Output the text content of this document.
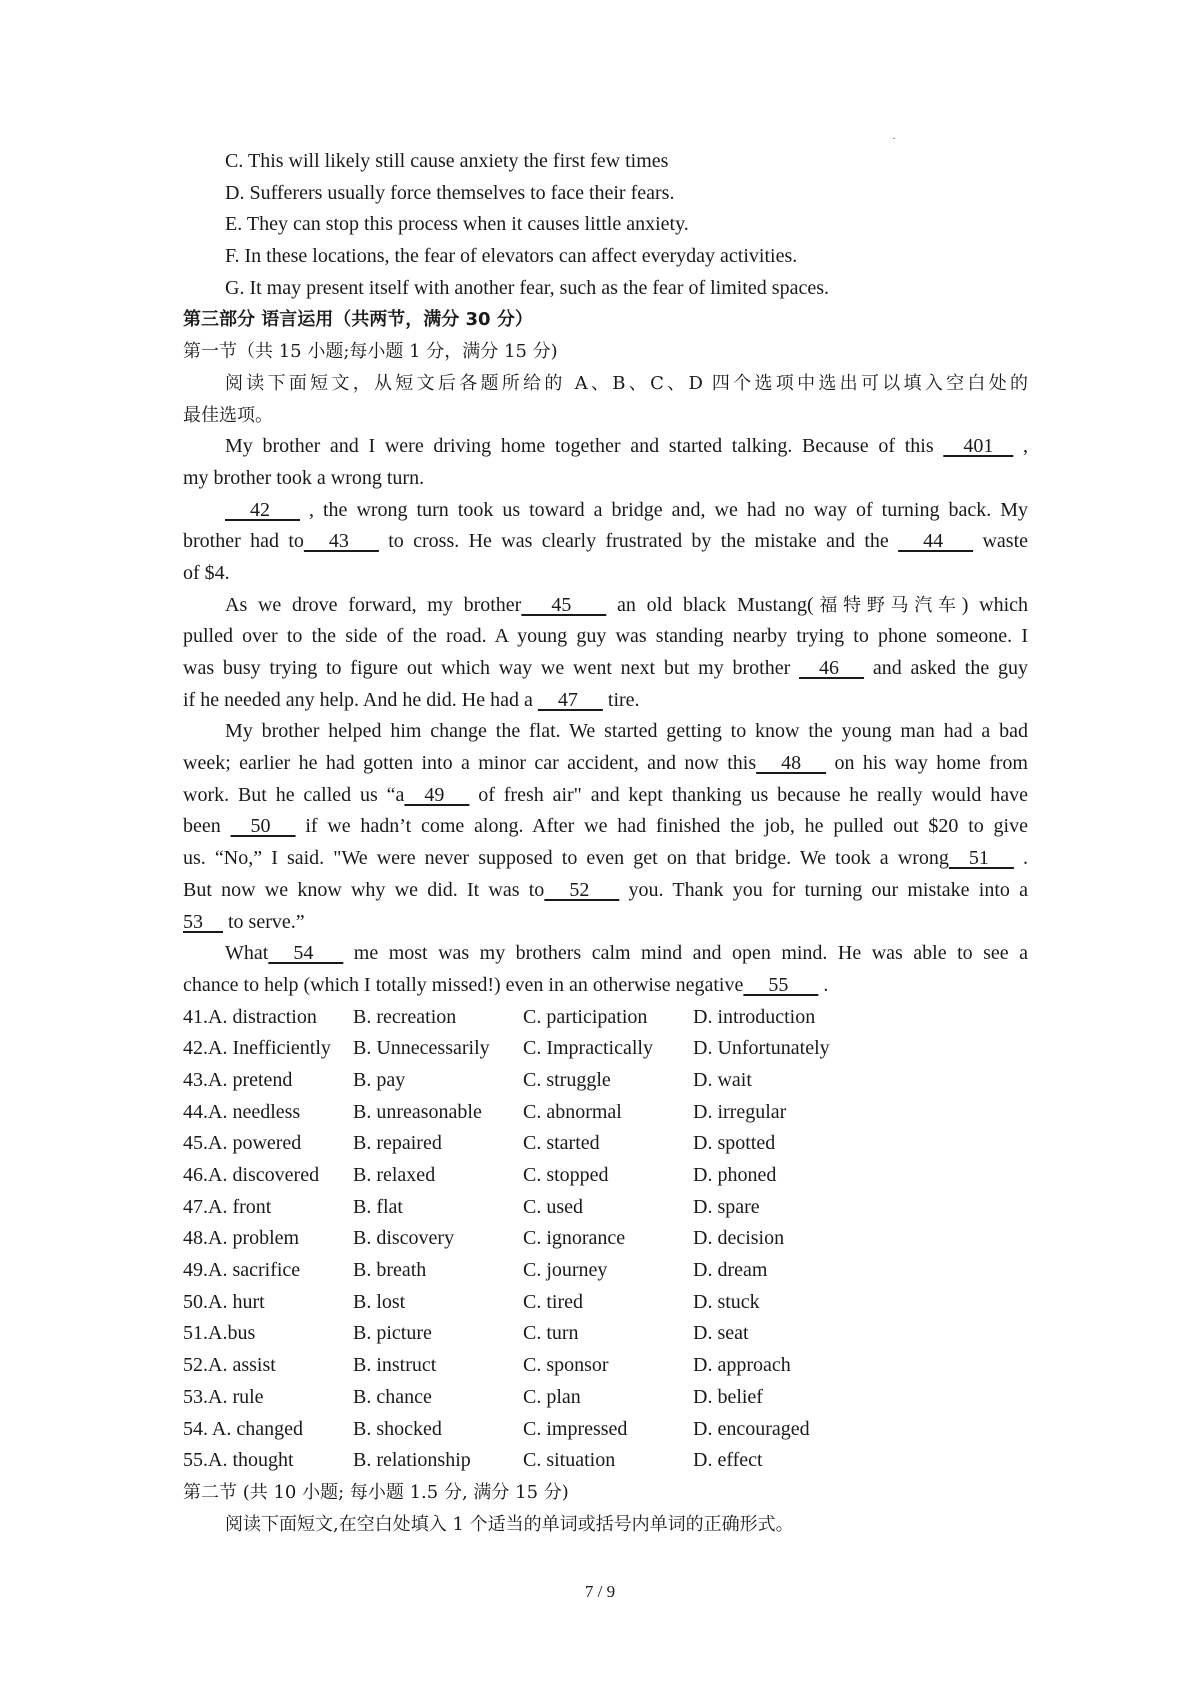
C. This will likely still cause anxiety the first few times
D. Sufferers usually force themselves to face their fears.
E. They can stop this process when it causes little anxiety.
F. In these locations, the fear of elevators can affect everyday activities.
G. It may present itself with another fear, such as the fear of limited spaces.
第三部分 语言运用（共两节，满分 30 分）
第一节（共 15 小题;每小题 1 分，满分 15 分)
阅读下面短文，从短文后各题所给的 A、B、C、D 四个选项中选出可以填入空白处的
最佳选项。
My brother and I were driving home together and started talking. Because of this     401     ,
my brother took a wrong turn.
42       , the wrong turn took us toward a bridge and, we had no way of turning back. My
brother had to     43       to cross. He was clearly frustrated by the mistake and the      44       waste
of $4.
As we drove forward, my brother      45        an old black Mustang(福特野马汽车) which
pulled over to the side of the road. A young guy was standing nearby trying to phone someone. I
was busy trying to figure out which way we went next but my brother     46      and asked the guy
if he needed any help. And he did. He had a     47      tire.
My brother helped him change the flat. We started getting to know the young man had a bad
week; earlier he had gotten into a minor car accident, and now this     48      on his way home from
work. But he called us “a    49      of fresh air" and kept thanking us because he really would have
been     50      if we hadn’t come along. After we had finished the job, he pulled out $20 to give
us. “No,” I said. "We were never supposed to even get on that bridge. We took a wrong    51      .
But now we know why we did. It was to     52       you. Thank you for turning our mistake into a
53     to serve.”
What     54       me most was my brothers calm mind and open mind. He was able to see a
chance to help (which I totally missed!) even in an otherwise negative     55       .
41.A. distraction	B. recreation	C. participation	D. introduction
42.A. Inefficiently	B. Unnecessarily	C. Impractically	D. Unfortunately
43.A. pretend	B. pay	C. struggle	D. wait
44.A. needless	B. unreasonable	C. abnormal	D. irregular
45.A. powered	B. repaired	C. started	D. spotted
46.A. discovered	B. relaxed	C. stopped	D. phoned
47.A. front	B. flat	C. used	D. spare
48.A. problem	B. discovery	C. ignorance	D. decision
49.A. sacrifice	B. breath	C. journey	D. dream
50.A. hurt	B. lost	C. tired	D. stuck
51.A.bus	B. picture	C. turn	D. seat
52.A. assist	B. instruct	C. sponsor	D. approach
53.A. rule	B. chance	C. plan	D. belief
54. A. changed	B. shocked	C. impressed	D. encouraged
55.A. thought	B. relationship	C. situation	D. effect
第二节 (共 10 小题; 每小题 1.5 分, 满分 15 分)
阅读下面短文,在空白处填入 1 个适当的单词或括号内单词的正确形式。
7 / 9
